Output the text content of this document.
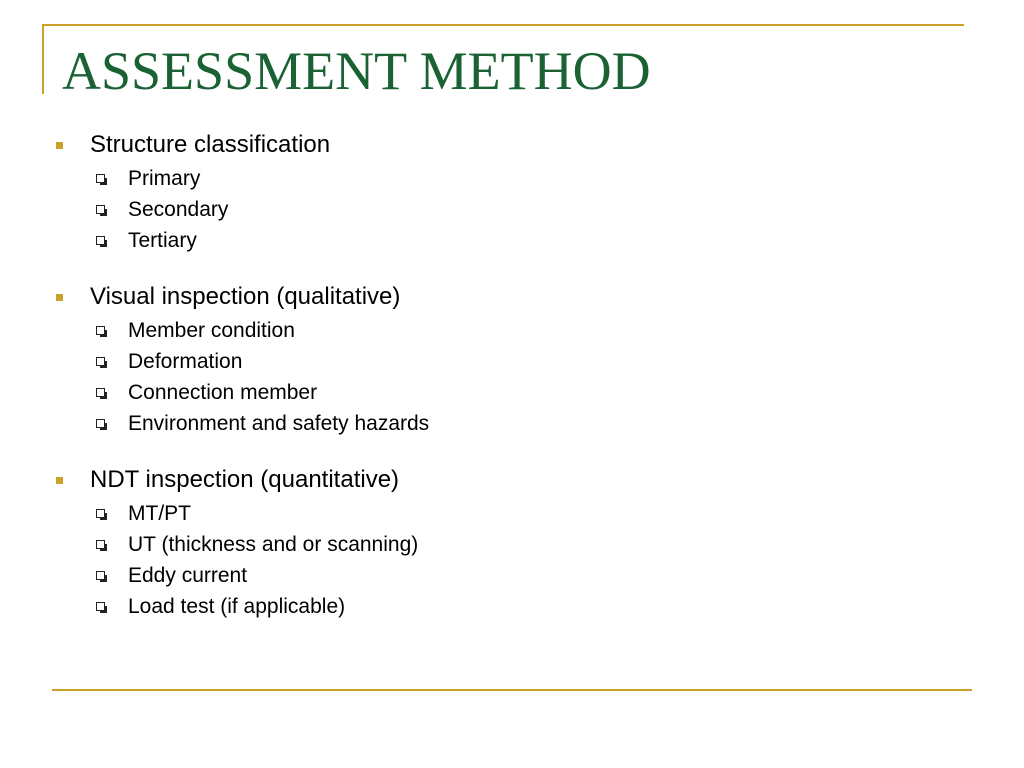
ASSESSMENT METHOD
Structure classification
Primary
Secondary
Tertiary
Visual inspection (qualitative)
Member condition
Deformation
Connection member
Environment and safety hazards
NDT inspection (quantitative)
MT/PT
UT (thickness and or scanning)
Eddy current
Load test (if applicable)
